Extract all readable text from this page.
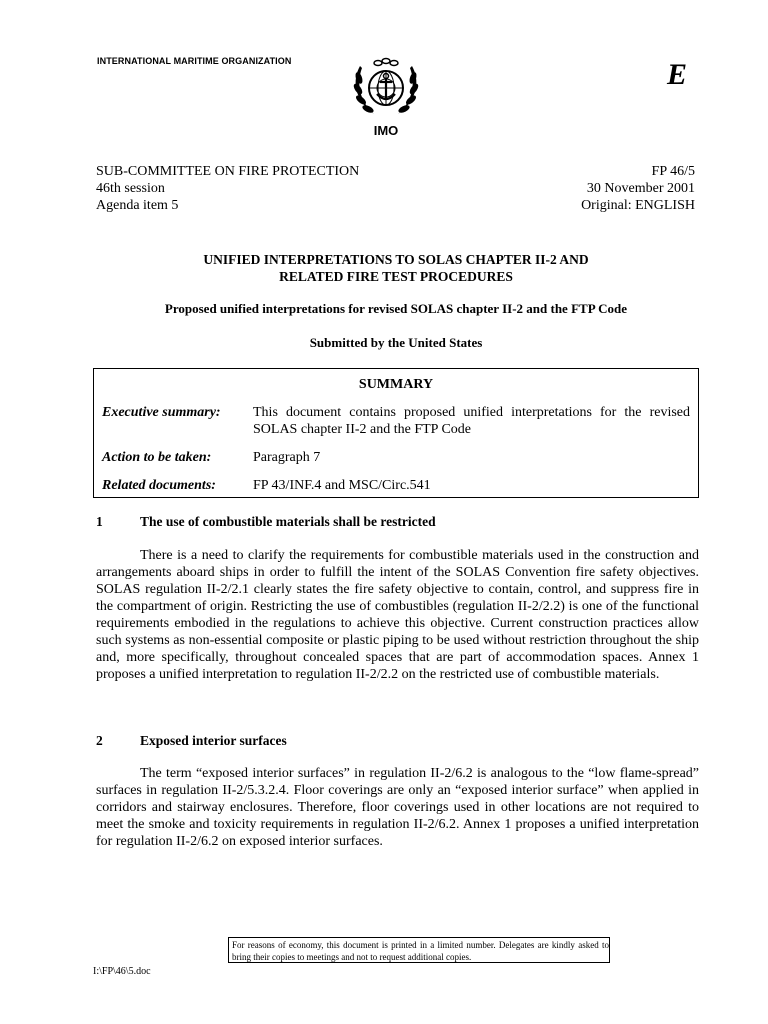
INTERNATIONAL MARITIME ORGANIZATION	E
IMO
SUB-COMMITTEE ON FIRE PROTECTION
46th session
Agenda item 5
FP 46/5
30 November 2001
Original: ENGLISH
UNIFIED INTERPRETATIONS TO SOLAS CHAPTER II-2 AND
RELATED FIRE TEST PROCEDURES
Proposed unified interpretations for revised SOLAS chapter II-2 and the FTP Code
Submitted by the United States
SUMMARY
Executive summary: This document contains proposed unified interpretations for the revised SOLAS chapter II-2 and the FTP Code
Action to be taken:	Paragraph 7
Related documents:	FP 43/INF.4 and MSC/Circ.541
1	The use of combustible materials shall be restricted
There is a need to clarify the requirements for combustible materials used in the construction and arrangements aboard ships in order to fulfill the intent of the SOLAS Convention fire safety objectives. SOLAS regulation II-2/2.1 clearly states the fire safety objective to contain, control, and suppress fire in the compartment of origin. Restricting the use of combustibles (regulation II-2/2.2) is one of the functional requirements embodied in the regulations to achieve this objective. Current construction practices allow such systems as non-essential composite or plastic piping to be used without restriction throughout the ship and, more specifically, throughout concealed spaces that are part of accommodation spaces. Annex 1 proposes a unified interpretation to regulation II-2/2.2 on the restricted use of combustible materials.
2	Exposed interior surfaces
The term “exposed interior surfaces” in regulation II-2/6.2 is analogous to the “low flame-spread” surfaces in regulation II-2/5.3.2.4. Floor coverings are only an “exposed interior surface” when applied in corridors and stairway enclosures. Therefore, floor coverings used in other locations are not required to meet the smoke and toxicity requirements in regulation II-2/6.2. Annex 1 proposes a unified interpretation for regulation II-2/6.2 on exposed interior surfaces.
For reasons of economy, this document is printed in a limited number. Delegates are kindly asked to bring their copies to meetings and not to request additional copies.
I:\FP\46\5.doc
